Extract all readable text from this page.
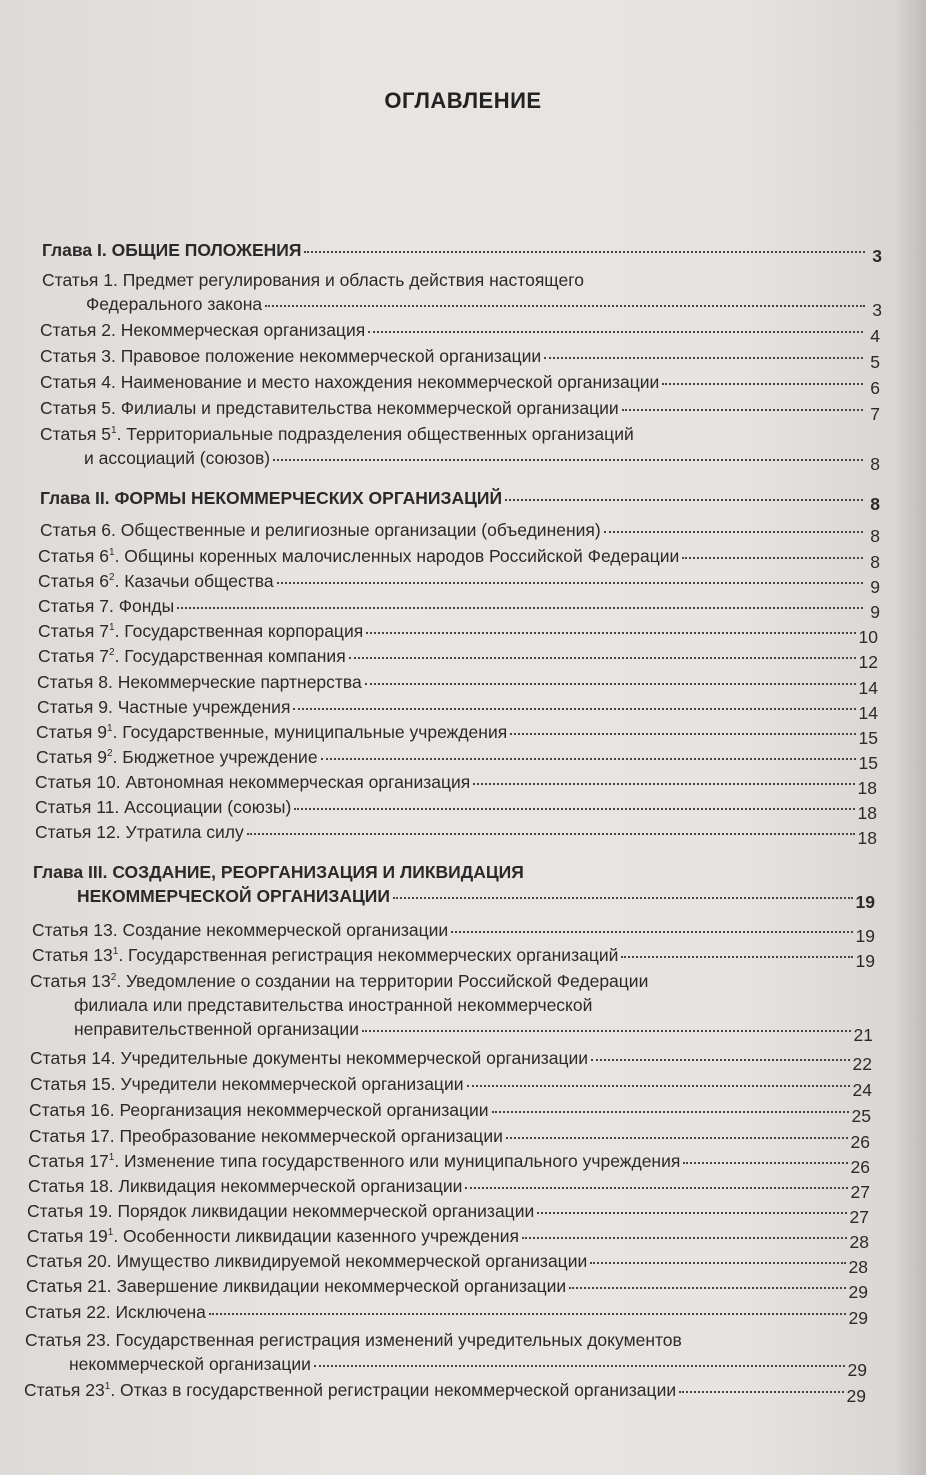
ОГЛАВЛЕНИЕ
Глава I. ОБЩИЕ ПОЛОЖЕНИЯ	3
Статья 1. Предмет регулирования и область действия настоящего
Федерального закона	3
Статья 2. Некоммерческая организация	4
Статья 3. Правовое положение некоммерческой организации	5
Статья 4. Наименование и место нахождения некоммерческой организации	6
Статья 5. Филиалы и представительства некоммерческой организации	7
Статья $5^1$. Территориальные подразделения общественных организаций
и ассоциаций (союзов)	8
Глава II. ФОРМЫ НЕКОММЕРЧЕСКИХ ОРГАНИЗАЦИЙ	8
Статья 6. Общественные и религиозные организации (объединения)	8
Статья $6^1$. Общины коренных малочисленных народов Российской Федерации	8
Статья $6^2$. Казачьи общества	9
Статья 7. Фонды	9
Статья $7^1$. Государственная корпорация	10
Статья $7^2$. Государственная компания	12
Статья 8. Некоммерческие партнерства	14
Статья 9. Частные учреждения	14
Статья $9^1$. Государственные, муниципальные учреждения	15
Статья $9^2$. Бюджетное учреждение	15
Статья 10. Автономная некоммерческая организация	18
Статья 11. Ассоциации (союзы)	18
Статья 12. Утратила силу	18
Глава III. СОЗДАНИЕ, РЕОРГАНИЗАЦИЯ И ЛИКВИДАЦИЯ
НЕКОММЕРЧЕСКОЙ ОРГАНИЗАЦИИ	19
Статья 13. Создание некоммерческой организации	19
Статья $13^1$. Государственная регистрация некоммерческих организаций	19
Статья $13^2$. Уведомление о создании на территории Российской Федерации
филиала или представительства иностранной некоммерческой
неправительственной организации	21
Статья 14. Учредительные документы некоммерческой организации	22
Статья 15. Учредители некоммерческой организации	24
Статья 16. Реорганизация некоммерческой организации	25
Статья 17. Преобразование некоммерческой организации	26
Статья $17^1$. Изменение типа государственного или муниципального учреждения	26
Статья 18. Ликвидация некоммерческой организации	27
Статья 19. Порядок ликвидации некоммерческой организации	27
Статья $19^1$. Особенности ликвидации казенного учреждения	28
Статья 20. Имущество ликвидируемой некоммерческой организации	28
Статья 21. Завершение ликвидации некоммерческой организации	29
Статья 22. Исключена	29
Статья 23. Государственная регистрация изменений учредительных документов
некоммерческой организации	29
Статья $23^1$. Отказ в государственной регистрации некоммерческой организации	29
